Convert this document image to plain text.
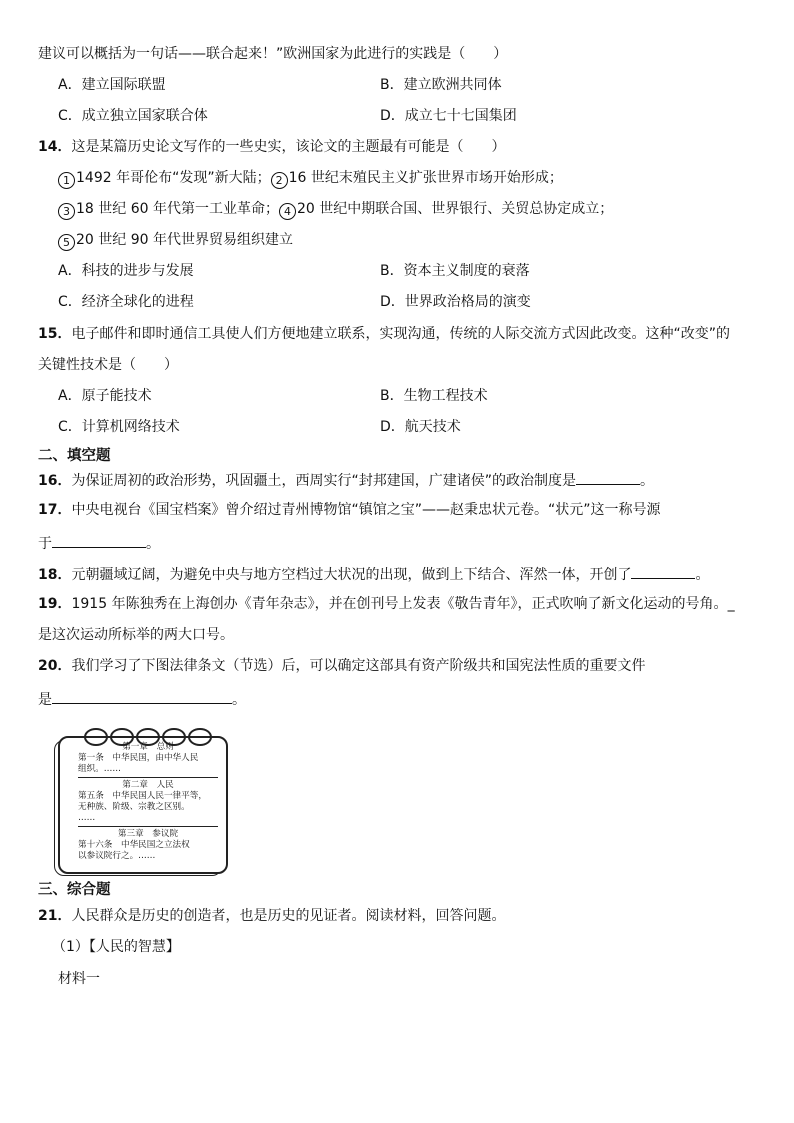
建议可以概括为一句话——联合起来！”欧洲国家为此进行的实践是（　　）
A．建立国际联盟	B．建立欧洲共同体
C．成立独立国家联合体	D．成立七十七国集团
14．这是某篇历史论文写作的一些史实，该论文的主题最有可能是（　　）
1 1492 年哥伦布“发现”新大陆； 2 16 世纪末殖民主义扩张世界市场开始形成；
3 18 世纪 60 年代第一工业革命； 4 20 世纪中期联合国、世界银行、关贸总协定成立；
5 20 世纪 90 年代世界贸易组织建立
A．科技的进步与发展	B．资本主义制度的衰落
C．经济全球化的进程	D．世界政治格局的演变
15．电子邮件和即时通信工具使人们方便地建立联系，实现沟通，传统的人际交流方式因此改变。这种“改变”的
关键性技术是（　　）
A．原子能技术	B．生物工程技术
C．计算机网络技术	D．航天技术
二、填空题
16．为保证周初的政治形势，巩固疆土，西周实行“封邦建国，广建诸侯”的政治制度是	。
17．中央电视台《国宝档案》曾介绍过青州博物馆“镇馆之宝”——赵秉忠状元卷。“状元”这一称号源
于	。
18．元朝疆域辽阔，为避免中央与地方空档过大状况的出现，做到上下结合、浑然一体，开创了	。
19．1915 年陈独秀在上海创办《青年杂志》，并在创刊号上发表《敬告青年》，正式吹响了新文化运动的号角。_
是这次运动所标举的两大口号。
20．我们学习了下图法律条文（节选）后，可以确定这部具有资产阶级共和国宪法性质的重要文件
是	。
第一章　总则
第一条　中华民国，由中华人民
组织。……
第二章　人民
第五条　中华民国人民一律平等，
无种族、阶级、宗教之区别。
……
第三章　参议院
第十六条　中华民国之立法权
以参议院行之。……
三、综合题
21．人民群众是历史的创造者，也是历史的见证者。阅读材料，回答问题。
（1）【人民的智慧】
材料一
